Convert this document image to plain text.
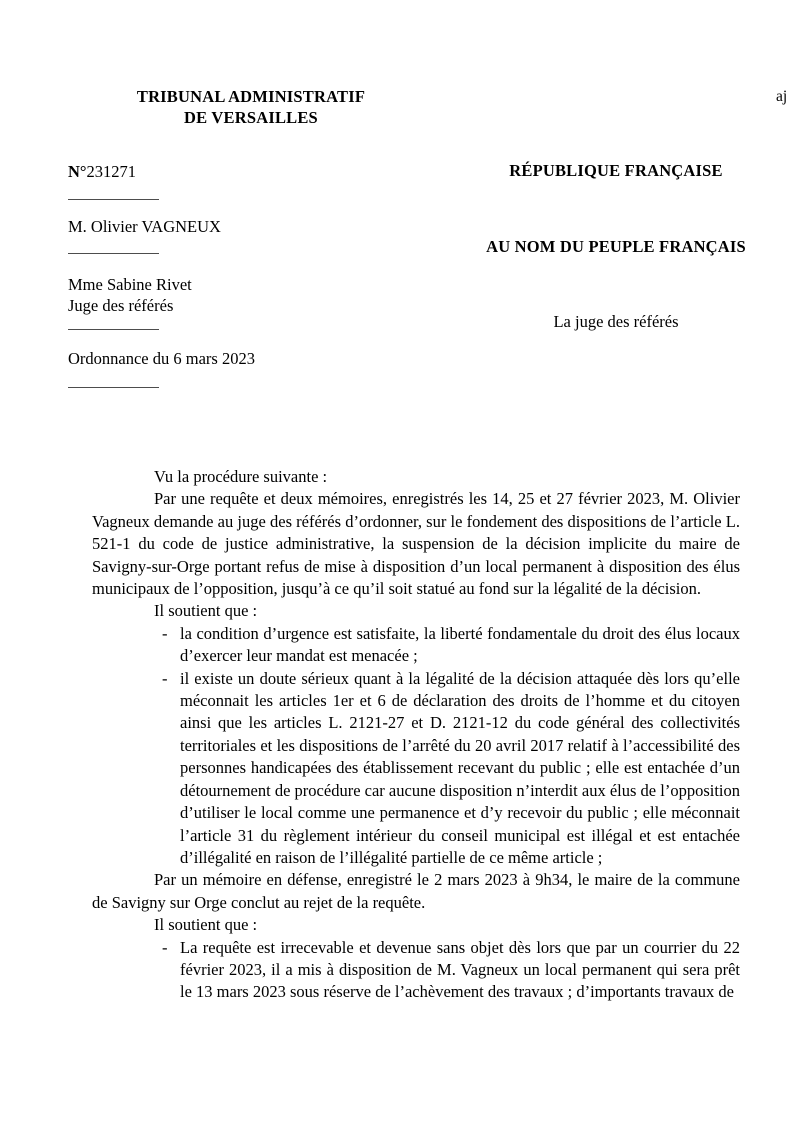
TRIBUNAL ADMINISTRATIF
DE VERSAILLES
aj
N°231271
M. Olivier VAGNEUX
Mme Sabine Rivet
Juge des référés
Ordonnance du 6 mars 2023
RÉPUBLIQUE FRANÇAISE
AU NOM DU PEUPLE FRANÇAIS
La juge des référés

Vu la procédure suivante :

Par une requête et deux mémoires, enregistrés les 14, 25 et 27 février 2023, M. Olivier Vagneux demande au juge des référés d’ordonner, sur le fondement des dispositions de l’article L. 521-1 du code de justice administrative, la suspension de la décision implicite du maire de Savigny-sur-Orge portant refus de mise à disposition d’un local permanent à disposition des élus municipaux de l’opposition, jusqu’à ce qu’il soit statué au fond sur la légalité de la décision.

Il soutient que :

- la condition d’urgence est satisfaite, la liberté fondamentale du droit des élus locaux d’exercer leur mandat est menacée ;
- il existe un doute sérieux quant à la légalité de la décision attaquée dès lors qu’elle méconnait les articles 1er et 6 de déclaration des droits de l’homme et du citoyen ainsi que les articles L. 2121-27 et D. 2121-12 du code général des collectivités territoriales et les dispositions de l’arrêté du 20 avril 2017 relatif à l’accessibilité des personnes handicapées des établissement recevant du public ; elle est entachée d’un détournement de procédure car aucune disposition n’interdit aux élus de l’opposition d’utiliser le local comme une permanence et d’y recevoir du public ; elle méconnait l’article 31 du règlement intérieur du conseil municipal est illégal et est entachée d’illégalité en raison de l’illégalité partielle de ce même article ;

Par un mémoire en défense, enregistré le 2 mars 2023 à 9h34, le maire de la commune de Savigny sur Orge conclut au rejet de la requête.

Il soutient que :

- La requête est irrecevable et devenue sans objet dès lors que par un courrier du 22 février 2023, il a mis à disposition de M. Vagneux un local permanent qui sera prêt le 13 mars 2023 sous réserve de l’achèvement des travaux ; d’importants travaux de
